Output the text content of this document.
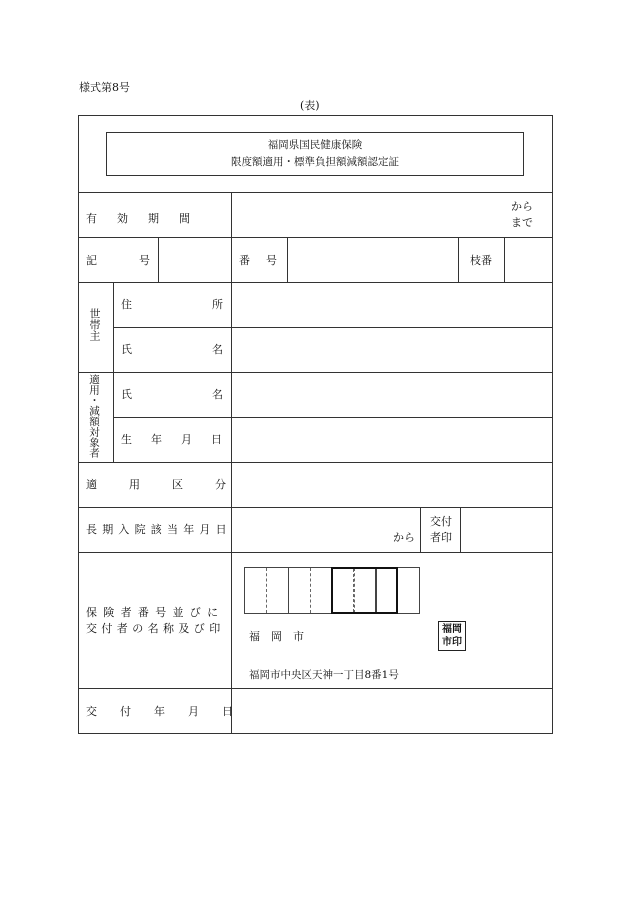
様式第8号
(表)
福岡県国民健康保険
限度額適用・標準負担額減額認定証
有効期間
から
まで
記号	番号	枝番
世帯主
住所
氏名
適用・減額対象者 氏名
生年月日
適用区分
長期入院該当年月日
から
交付
者印
保険者番号並びに
交付者の名称及び印
福　岡　市
福岡
市印
福岡市中央区天神一丁目8番1号
交付年月日
